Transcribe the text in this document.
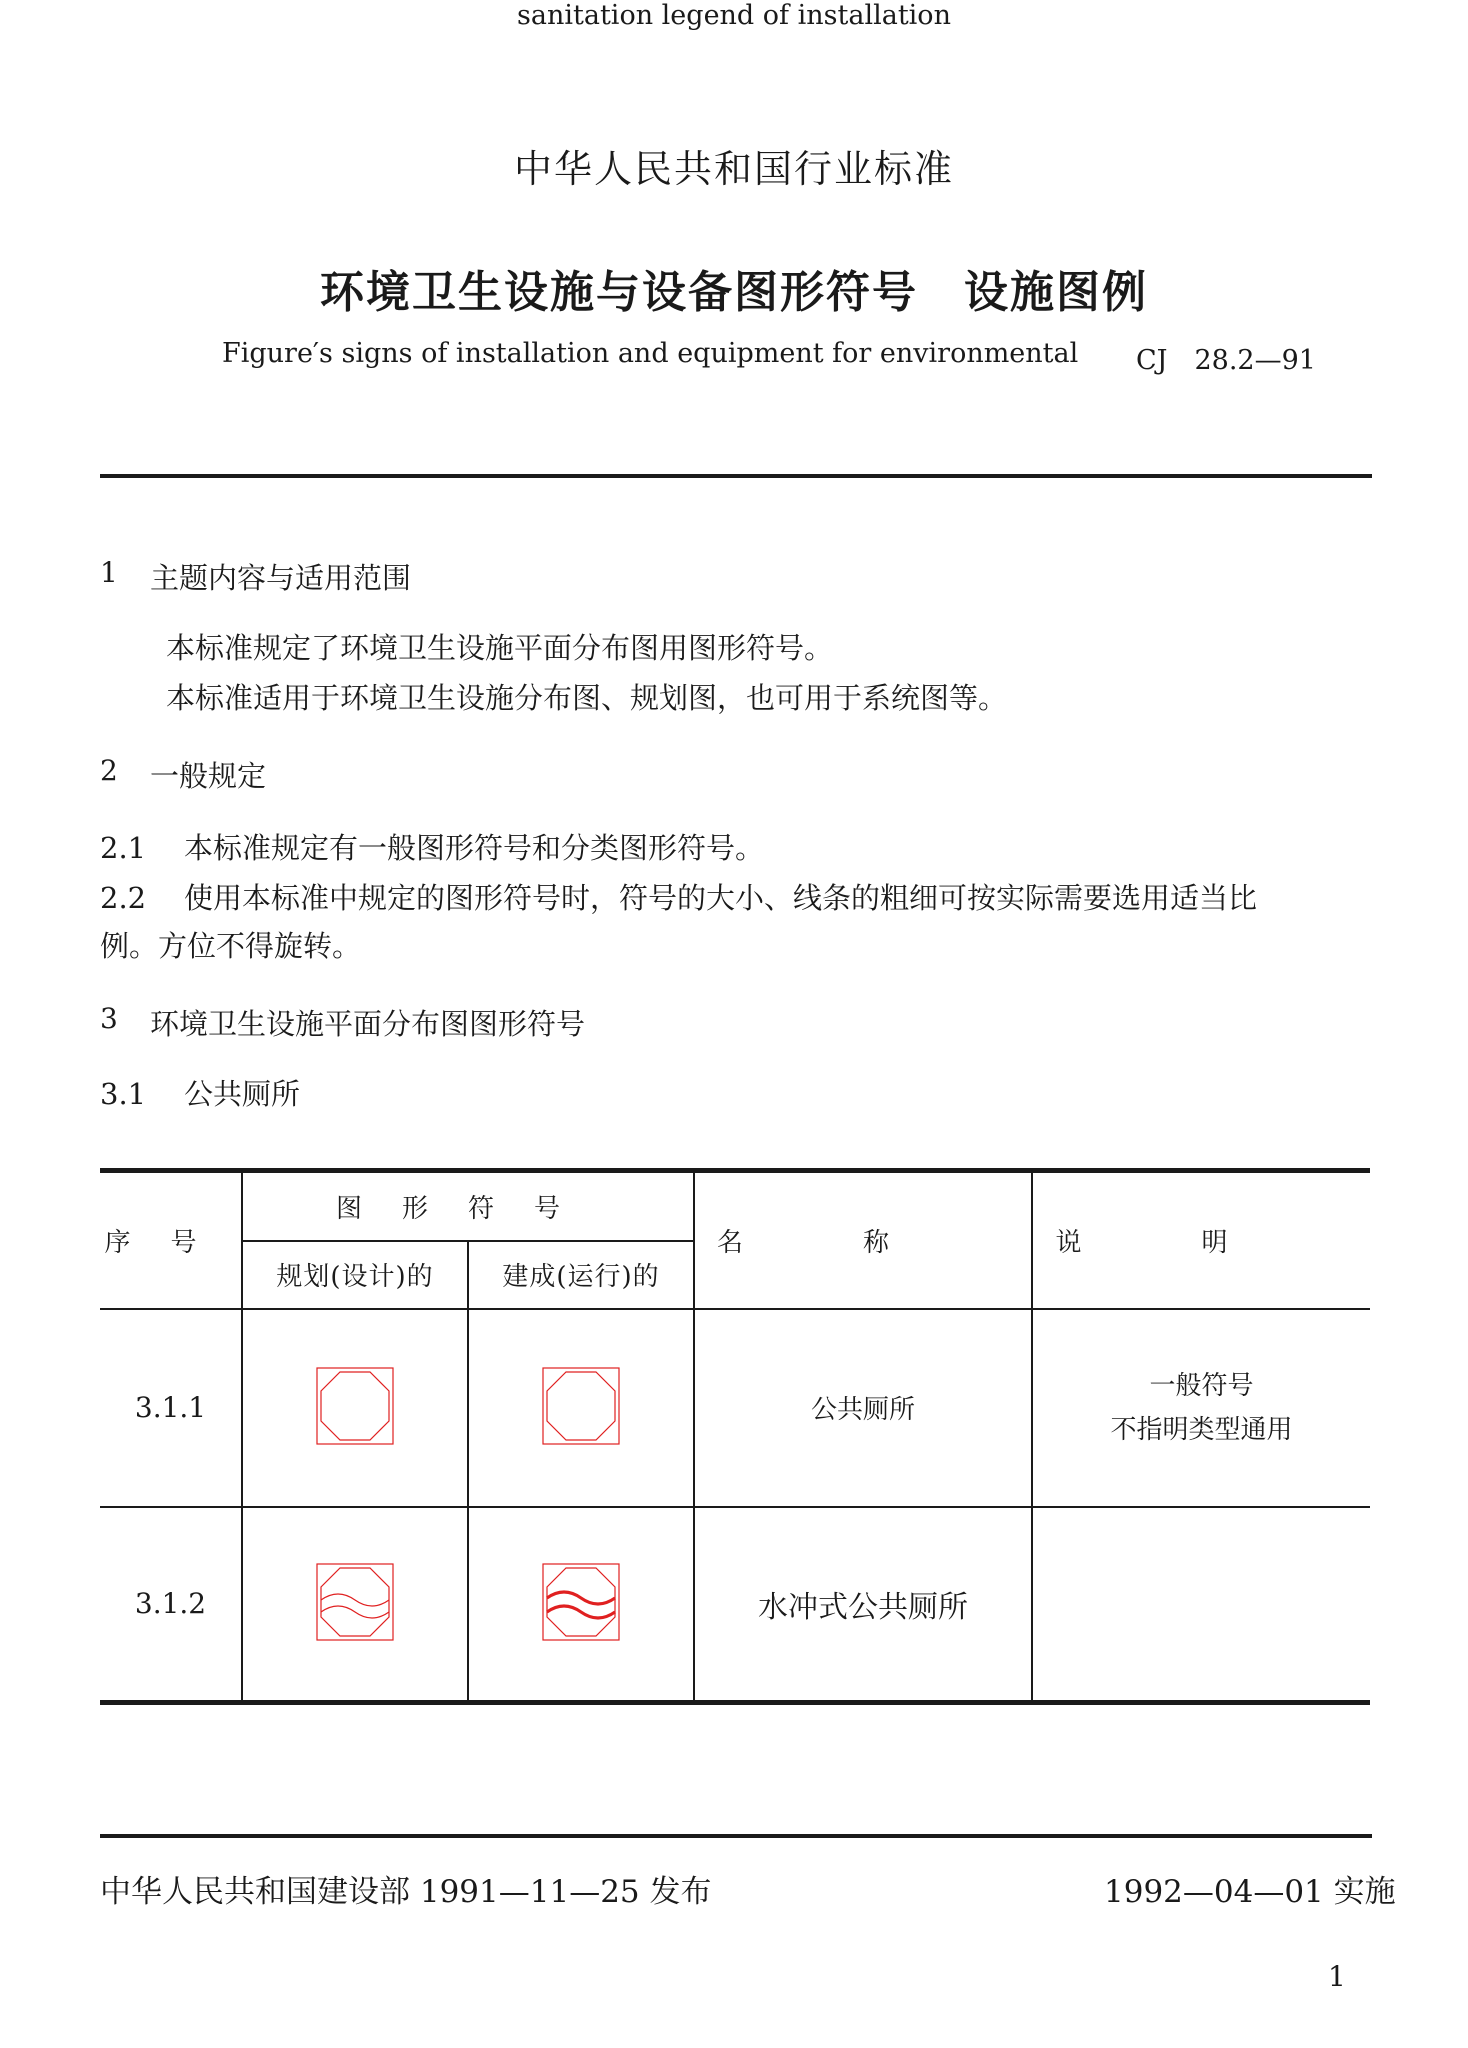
中华人民共和国行业标准
环境卫生设施与设备图形符号　设施图例
Figure′s signs of installation and equipment for environmental CJ　28.2—91
sanitation legend of installation
1 主题内容与适用范围
本标准规定了环境卫生设施平面分布图用图形符号。
本标准适用于环境卫生设施分布图、规划图，也可用于系统图等。
2 一般规定
2.1 本标准规定有一般图形符号和分类图形符号。
2.2 使用本标准中规定的图形符号时，符号的大小、线条的粗细可按实际需要选用适当比
例。方位不得旋转。
3 环境卫生设施平面分布图图形符号
3.1 公共厕所
序号	图形符号		名称	说明
	规划(设计)的	建成(运行)的		
3.1.1			公共厕所	一般符号
不指明类型通用

3.1.2			水冲式公共厕所	
中华人民共和国建设部 1991—11—25 发布	1992—04—01 实施
1
